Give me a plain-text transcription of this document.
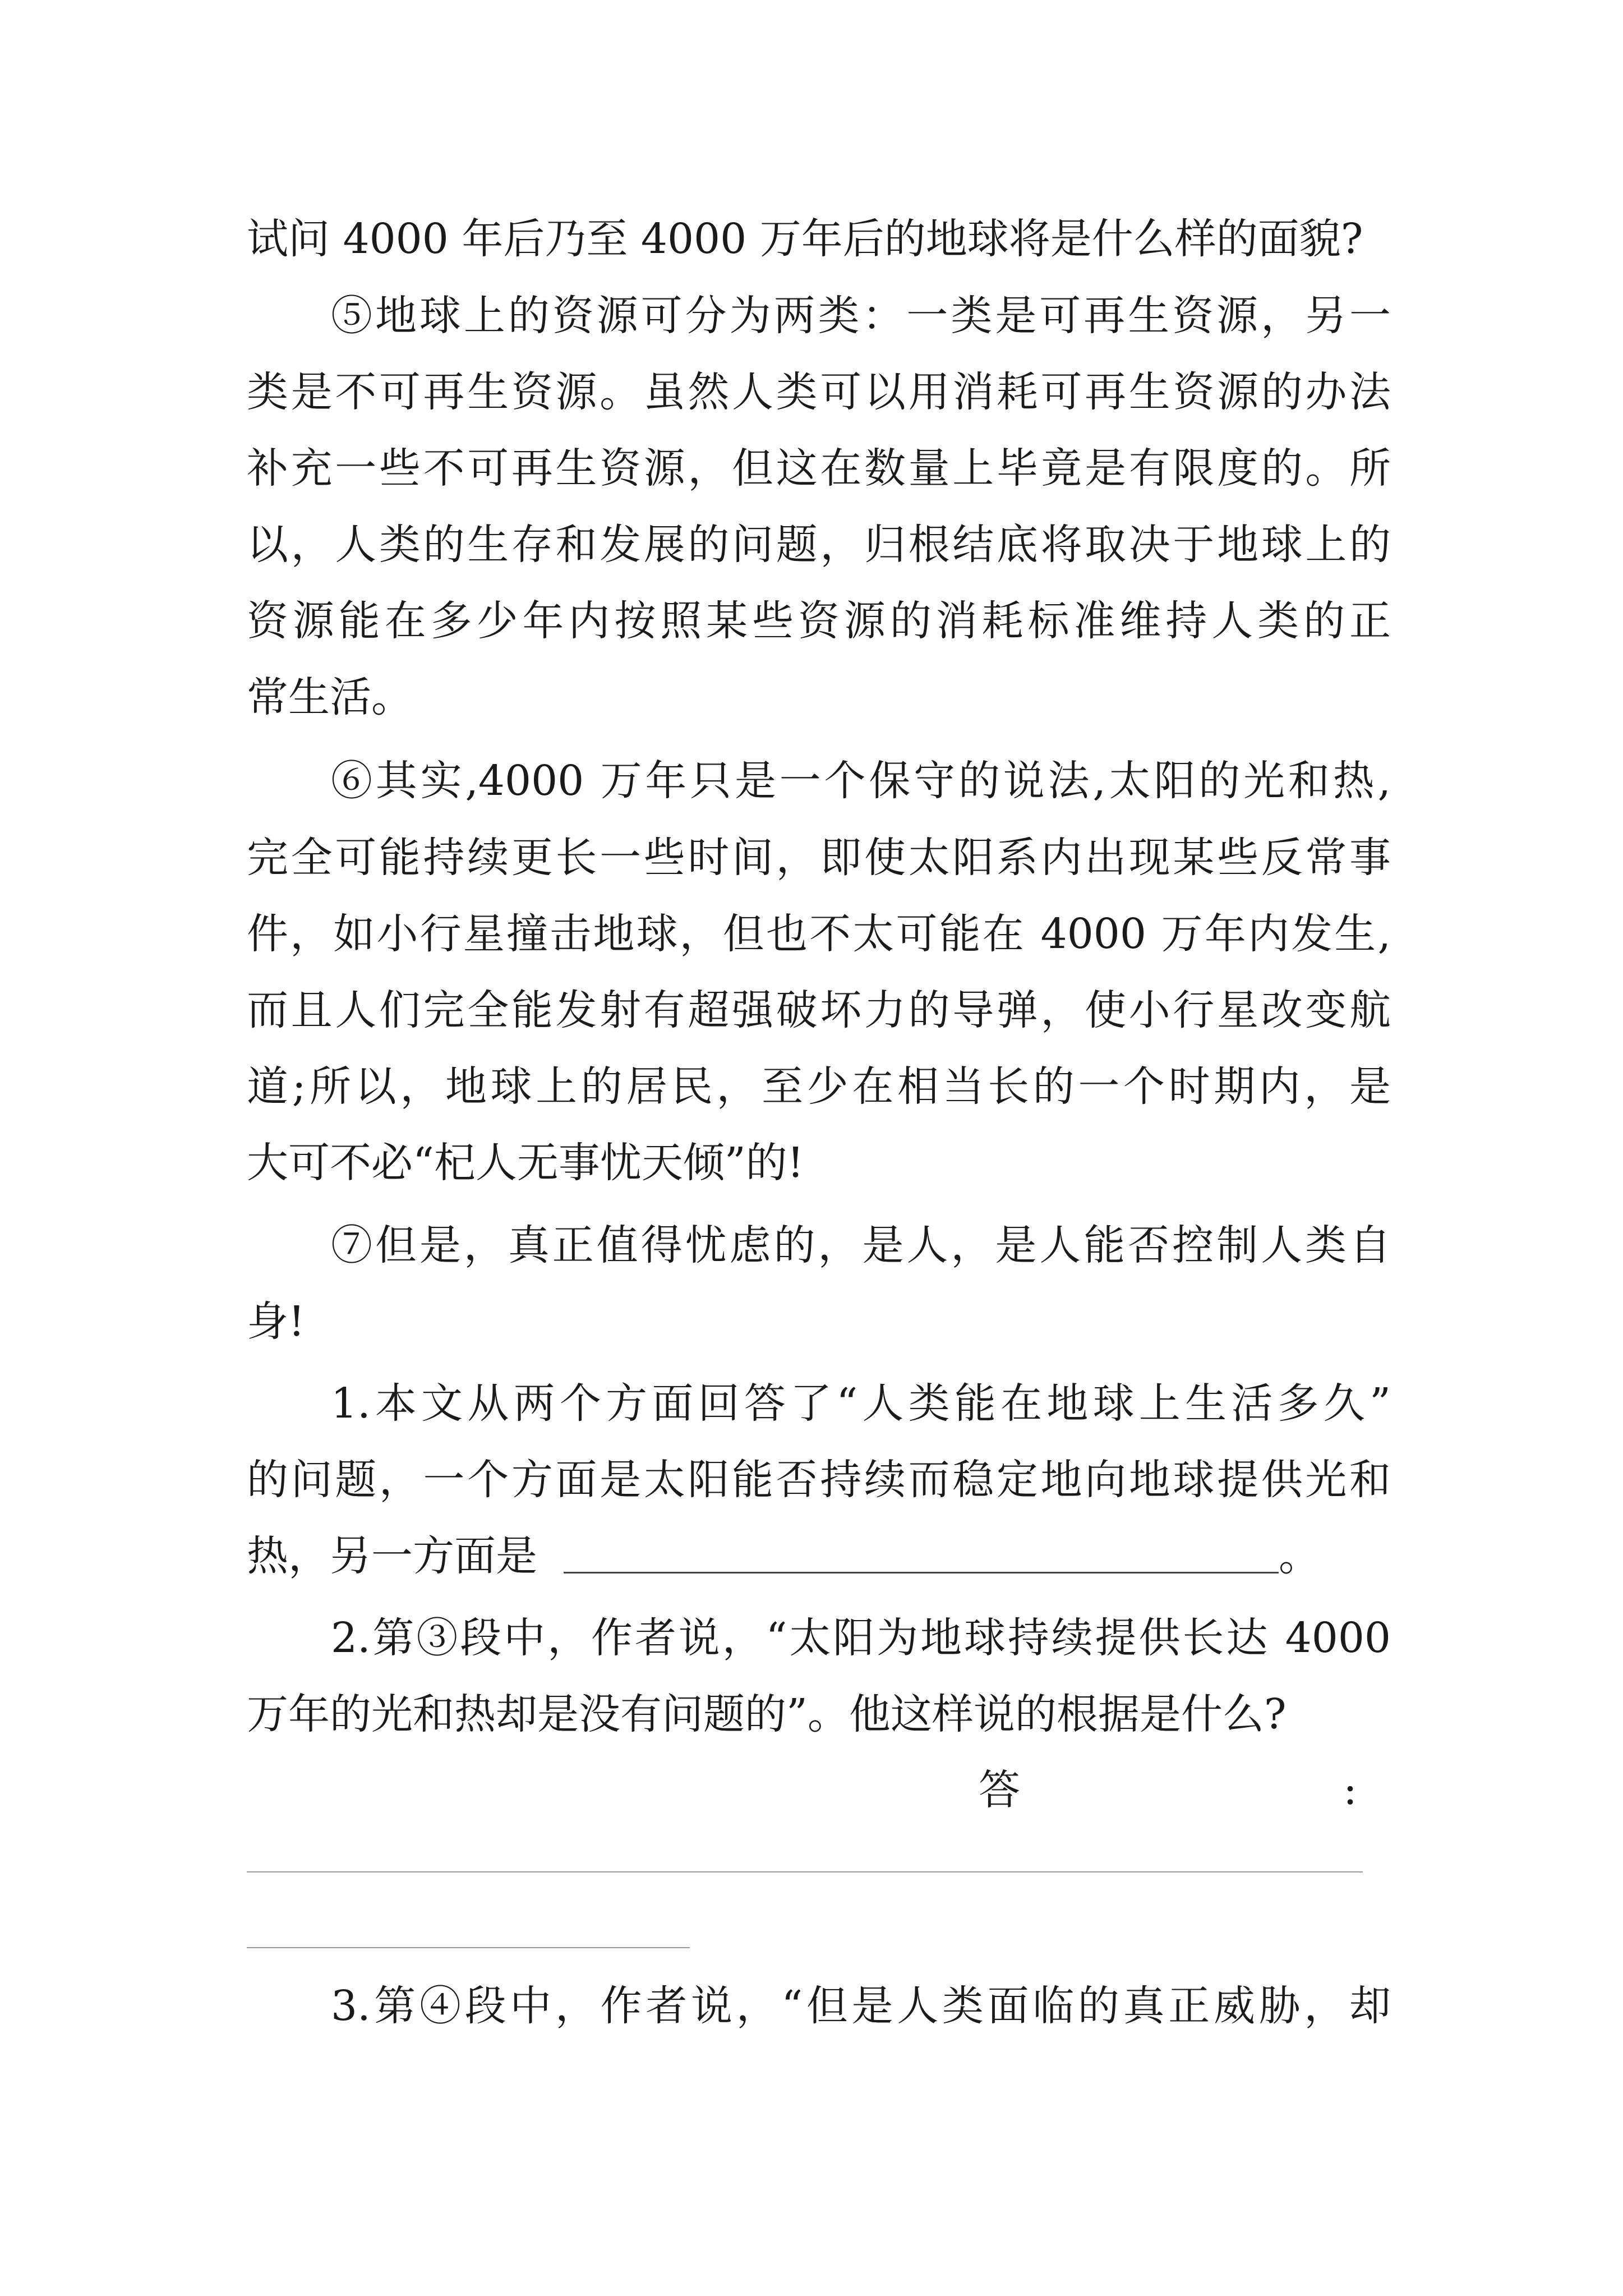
试问 4000 年后乃至 4000 万年后的地球将是什么样的面貌?
⑤地球上的资源可分为两类：一类是可再生资源，另一
类是不可再生资源。虽然人类可以用消耗可再生资源的办法
补充一些不可再生资源，但这在数量上毕竟是有限度的。所
以，人类的生存和发展的问题，归根结底将取决于地球上的
资源能在多少年内按照某些资源的消耗标准维持人类的正
常生活。
⑥其实,4000 万年只是一个保守的说法,太阳的光和热,
完全可能持续更长一些时间，即使太阳系内出现某些反常事
件，如小行星撞击地球，但也不太可能在 4000 万年内发生,
而且人们完全能发射有超强破坏力的导弹，使小行星改变航
道;所以，地球上的居民，至少在相当长的一个时期内，是
大可不必“杞人无事忧天倾”的!
⑦但是，真正值得忧虑的，是人，是人能否控制人类自
身!
1.本文从两个方面回答了“人类能在地球上生活多久”
的问题，一个方面是太阳能否持续而稳定地向地球提供光和
热，另一方面是	。
2.第③段中，作者说，“太阳为地球持续提供长达 4000
万年的光和热却是没有问题的”。他这样说的根据是什么?
答	:
3.第④段中，作者说，“但是人类面临的真正威胁，却
